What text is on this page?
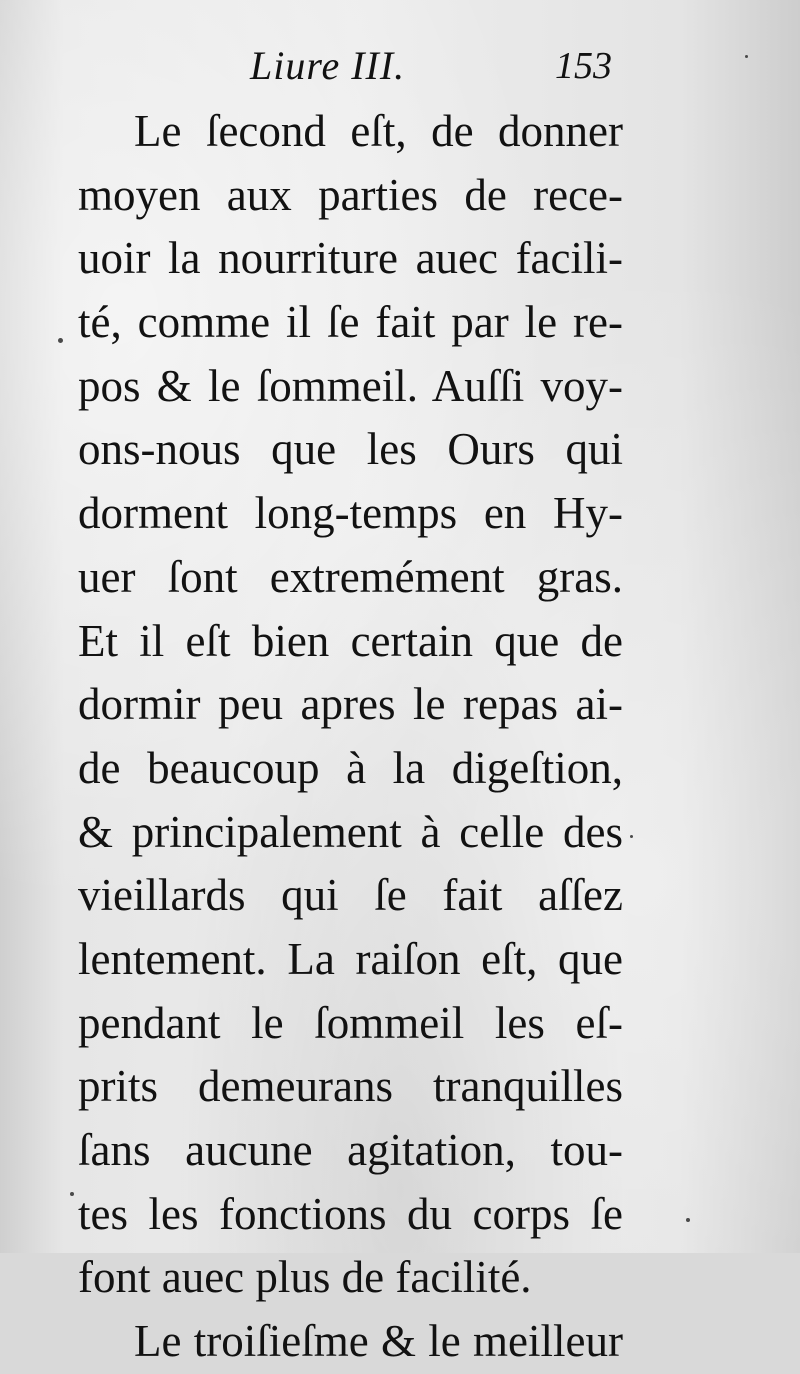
Liure III.	153
Le ſecond eſt, de donner
moyen aux parties de rece-
uoir la nourriture auec facili-
té, comme il ſe fait par le re-
pos & le ſommeil. Auſſi voy-
ons-nous que les Ours qui
dorment long-temps en Hy-
uer ſont extremément gras.
Et il eſt bien certain que de
dormir peu apres le repas ai-
de beaucoup à la digeſtion,
& principalement à celle des
vieillards qui ſe fait aſſez
lentement. La raiſon eſt, que
pendant le ſommeil les eſ-
prits demeurans tranquilles
ſans aucune agitation, tou-
tes les fonctions du corps ſe
font auec plus de facilité.
Le troiſieſme & le meilleur
